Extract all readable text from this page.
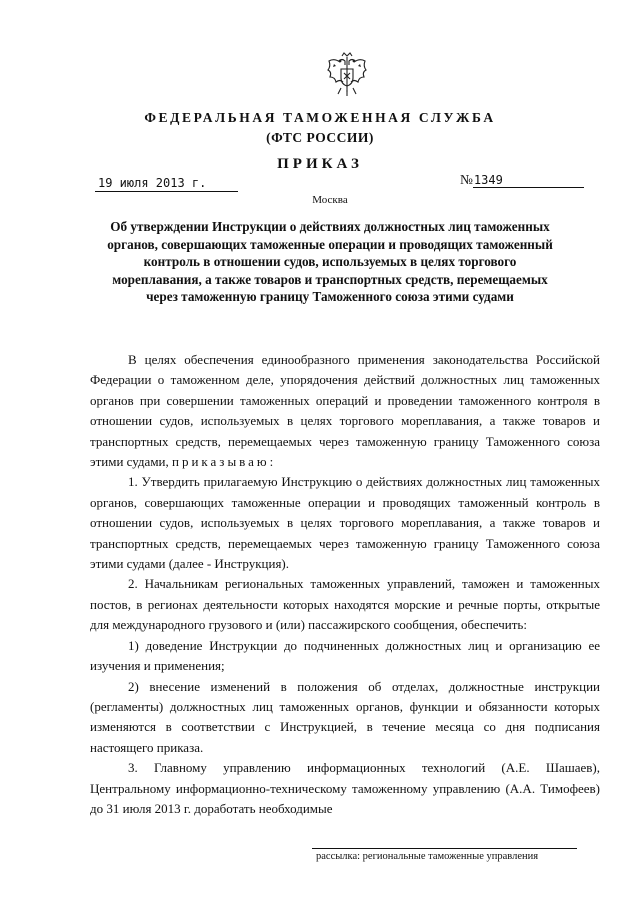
ФЕДЕРАЛЬНАЯ ТАМОЖЕННАЯ СЛУЖБА
(ФТС РОССИИ)
ПРИКАЗ
19 июля 2013 г.	№1349
Москва
Об утверждении Инструкции о действиях должностных лиц таможенных органов, совершающих таможенные операции и проводящих таможенный контроль в отношении судов, используемых в целях торгового мореплавания, а также товаров и транспортных средств, перемещаемых через таможенную границу Таможенного союза этими судами

В целях обеспечения единообразного применения законодательства Российской Федерации о таможенном деле, упорядочения действий должностных лиц таможенных органов при совершении таможенных операций и проведении таможенного контроля в отношении судов, используемых в целях торгового мореплавания, а также товаров и транспортных средств, перемещаемых через таможенную границу Таможенного союза этими судами, приказываю:

1. Утвердить прилагаемую Инструкцию о действиях должностных лиц таможенных органов, совершающих таможенные операции и проводящих таможенный контроль в отношении судов, используемых в целях торгового мореплавания, а также товаров и транспортных средств, перемещаемых через таможенную границу Таможенного союза этими судами (далее - Инструкция).

2. Начальникам региональных таможенных управлений, таможен и таможенных постов, в регионах деятельности которых находятся морские и речные порты, открытые для международного грузового и (или) пассажирского сообщения, обеспечить:

1) доведение Инструкции до подчиненных должностных лиц и организацию ее изучения и применения;

2) внесение изменений в положения об отделах, должностные инструкции (регламенты) должностных лиц таможенных органов, функции и обязанности которых изменяются в соответствии с Инструкцией, в течение месяца со дня подписания настоящего приказа.

3. Главному управлению информационных технологий (А.Е. Шашаев), Центральному информационно-техническому таможенному управлению (А.А. Тимофеев) до 31 июля 2013 г. доработать необходимые

рассылка: региональные таможенные управления
